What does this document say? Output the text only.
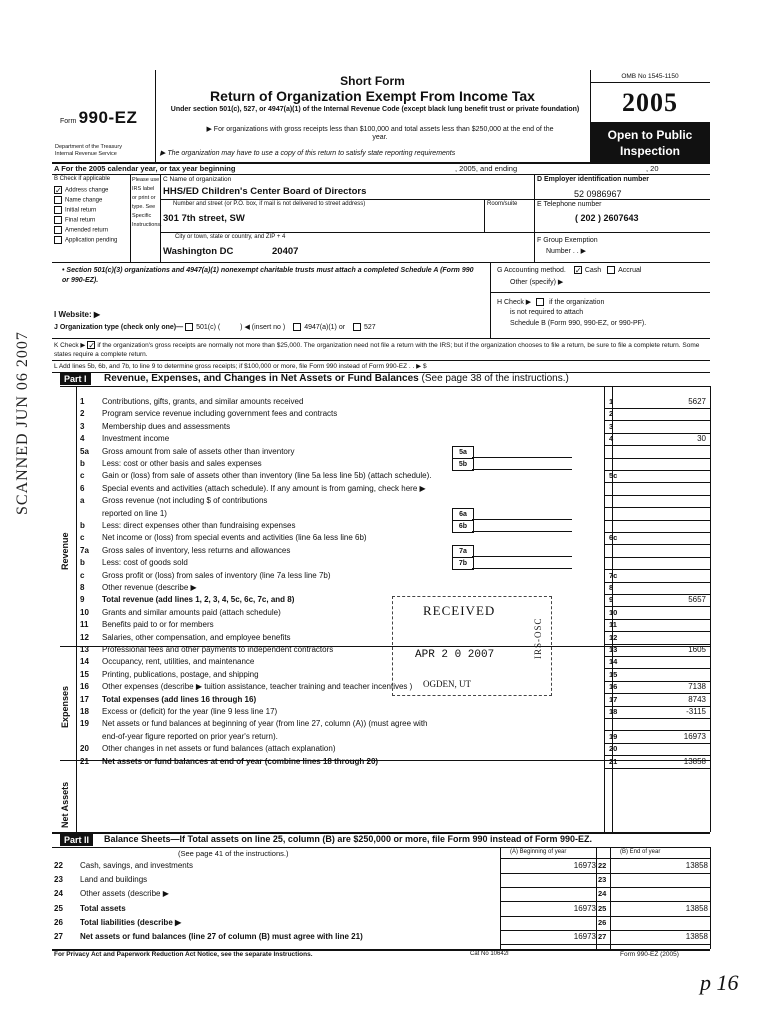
Form 990-EZ
Department of the Treasury
Internal Revenue Service
Short Form
Return of Organization Exempt From Income Tax
Under section 501(c), 527, or 4947(a)(1) of the Internal Revenue Code (except black lung benefit trust or private foundation)
▶ For organizations with gross receipts less than $100,000 and total assets less than $250,000 at the end of the year.
▶ The organization may have to use a copy of this return to satisfy state reporting requirements
OMB No 1545-1150
2005
Open to Public Inspection
A For the 2005 calendar year, or tax year beginning	, 2005, and ending	, 20
B Check if applicable
✓ Address change
Name change
Initial return
Final return
Amended return
Application pending
Please use IRS label or print or type. See Specific Instructions.
C Name of organization
HHS/ED Children's Center Board of Directors
Number and street (or P.O. box, if mail is not delivered to street address)	Room/suite
301 7th street, SW
City or town, state or country, and ZIP + 4
Washington DC	20407
D Employer identification number
52 0986967
E Telephone number
( 202 ) 2607643
F Group Exemption
Number . . ▶
• Section 501(c)(3) organizations and 4947(a)(1) nonexempt charitable trusts must attach a completed Schedule A (Form 990 or 990-EZ).
G Accounting method. ✓ Cash Accrual
Other (specify) ▶
H Check ▶	if the organization
is not required to attach
Schedule B (Form 990, 990-EZ, or 990-PF).
I Website: ▶
J Organization type (check only one)— 501(c) (	) ◀ (insert no )	4947(a)(1) or	527
K Check ▶ ✓ if the organization's gross receipts are normally not more than $25,000. The organization need not file a return with the IRS; but if the organization chooses to file a return, be sure to file a complete return. Some states require a complete return.
L Add lines 5b, 6b, and 7b, to line 9 to determine gross receipts; if $100,000 or more, file Form 990 instead of Form 990-EZ . . ▶ $
Part I	Revenue, Expenses, and Changes in Net Assets or Fund Balances (See page 38 of the instructions.)
Revenue
Expenses
Net Assets
1 Contributions, gifts, grants, and similar amounts received	1	5627
2 Program service revenue including government fees and contracts	2
3 Membership dues and assessments	3
4 Investment income	4	30
5a Gross amount from sale of assets other than inventory	5a
b Less: cost or other basis and sales expenses	5b
c Gain or (loss) from sale of assets other than inventory (line 5a less line 5b) (attach schedule).	5c
6 Special events and activities (attach schedule). If any amount is from gaming, check here ▶
a Gross revenue (not including $ of contributions
reported on line 1)	6a
b Less: direct expenses other than fundraising expenses	6b
c Net income or (loss) from special events and activities (line 6a less line 6b)	6c
7a Gross sales of inventory, less returns and allowances	7a
b Less: cost of goods sold	7b
c Gross profit or (loss) from sales of inventory (line 7a less line 7b)	7c
8 Other revenue (describe ▶	8
9 Total revenue (add lines 1, 2, 3, 4, 5c, 6c, 7c, and 8)	9	5657
10 Grants and similar amounts paid (attach schedule)	10
11 Benefits paid to or for members	11
12 Salaries, other compensation, and employee benefits	12
13 Professional fees and other payments to independent contractors	13	1605
14 Occupancy, rent, utilities, and maintenance	14
15 Printing, publications, postage, and shipping	15
16 Other expenses (describe ▶ tuition assistance, teacher training and teacher incentives )	16	7138
17 Total expenses (add lines 16 through 16)	17	8743
18 Excess or (deficit) for the year (line 9 less line 17)	18	-3115
19 Net assets or fund balances at beginning of year (from line 27, column (A)) (must agree with
end-of-year figure reported on prior year's return).	19	16973
20 Other changes in net assets or fund balances (attach explanation)	20
21 Net assets or fund balances at end of year (combine lines 18 through 20)	21	13858
Part II	Balance Sheets—If Total assets on line 25, column (B) are $250,000 or more, file Form 990 instead of Form 990-EZ.
(See page 41 of the instructions.)	(A) Beginning of year	(B) End of year
22 Cash, savings, and investments	16973 22	13858
23 Land and buildings	23
24 Other assets (describe ▶	24
25 Total assets	16973 25	13858
26 Total liabilities (describe ▶	26
27 Net assets or fund balances (line 27 of column (B) must agree with line 21)	16973 27	13858
For Privacy Act and Paperwork Reduction Act Notice, see the separate Instructions.	Cat No 10642I	Form 990-EZ (2005)
SCANNED JUN 06 2007
RECEIVED
APR 2 0 2007
OGDEN, UT
IRS-OSC
p 16
